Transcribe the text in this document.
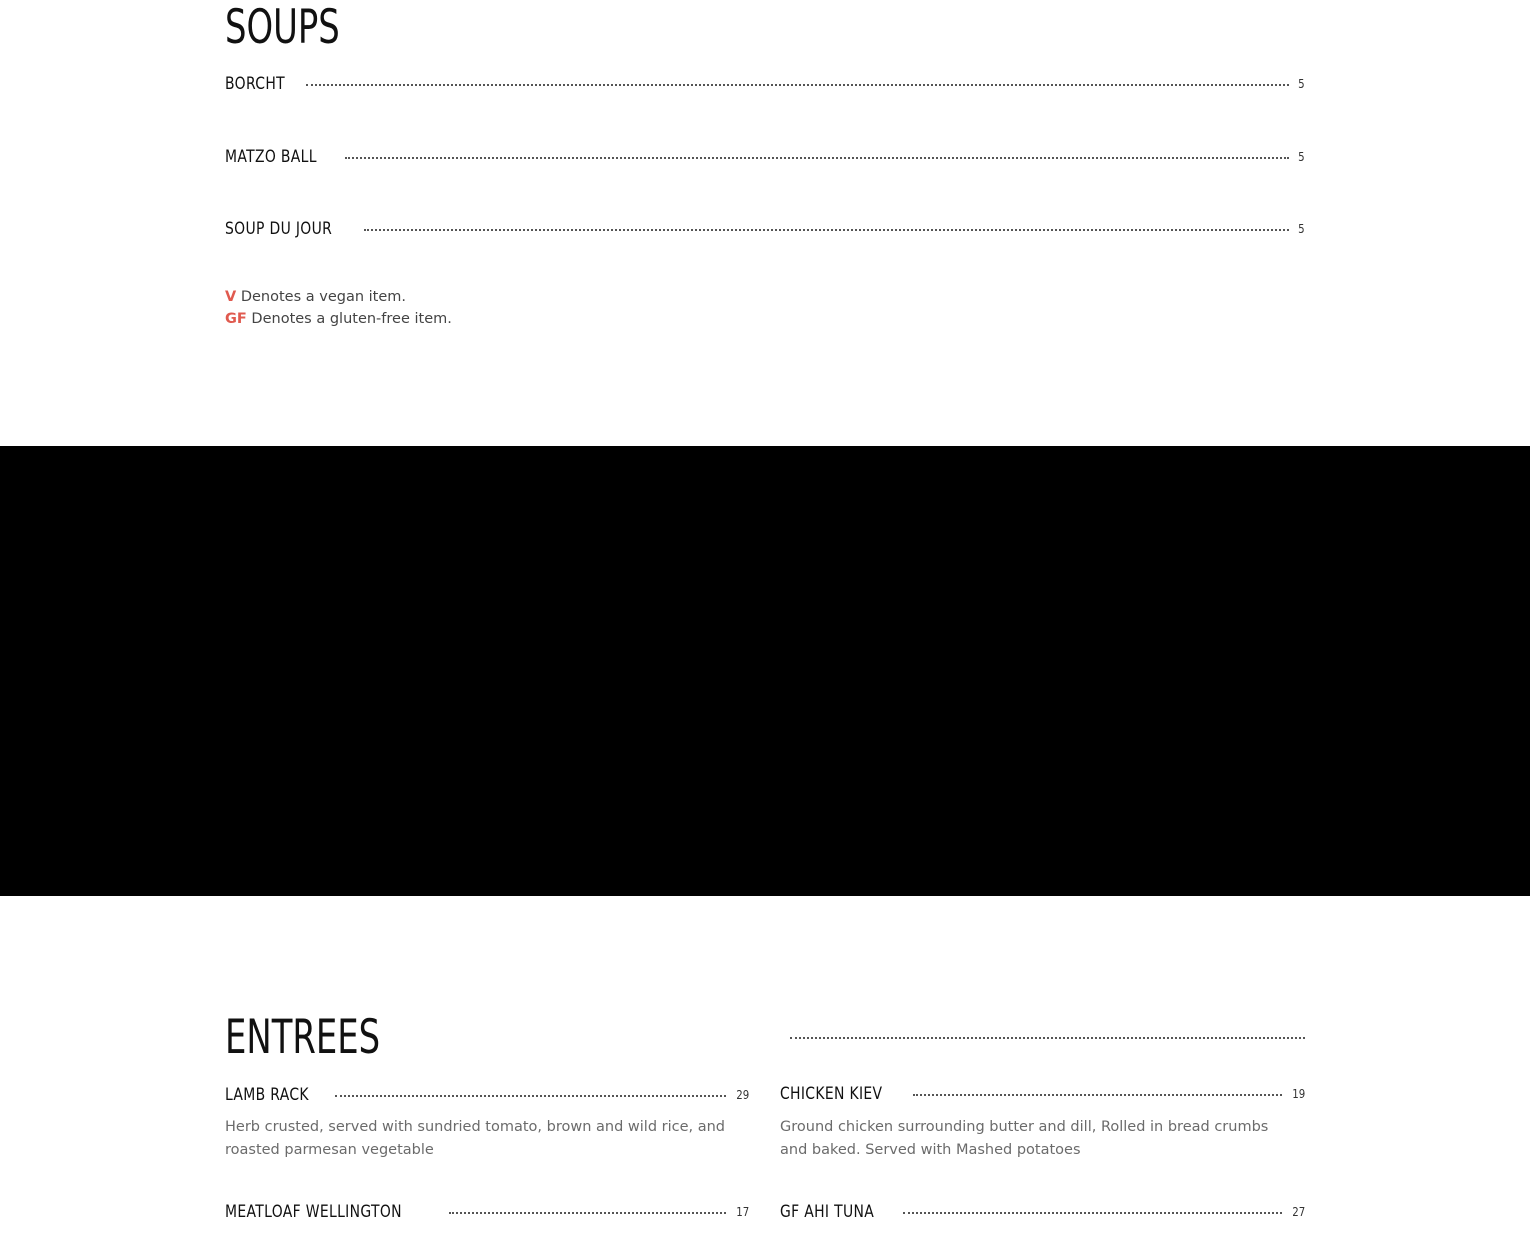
SOUPS
BORCHT	5
MATZO BALL	5
SOUP DU JOUR	5
V Denotes a vegan item.
GF Denotes a gluten-free item.
ENTREES
LAMB RACK	29
Herb crusted, served with sundried tomato, brown and wild rice, and roasted parmesan vegetable
MEATLOAF WELLINGTON	17
CHICKEN KIEV	19
Ground chicken surrounding butter and dill, Rolled in bread crumbs and baked. Served with Mashed potatoes
GF AHI TUNA	27
